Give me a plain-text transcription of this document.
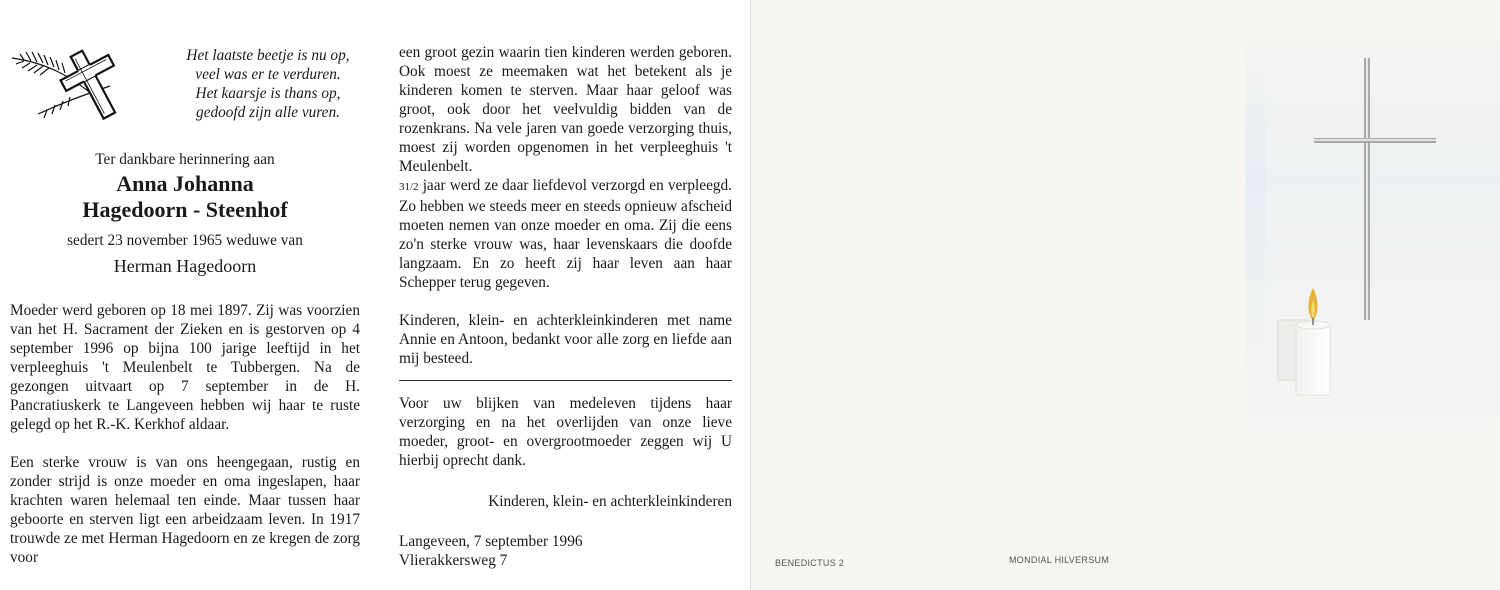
Het laatste beetje is nu op,
veel was er te verduren.
Het kaarsje is thans op,
gedoofd zijn alle vuren.

Ter dankbare herinnering aan

Anna Johanna

Hagedoorn - Steenhof

sedert 23 november 1965 weduwe van

Herman Hagedoorn

Moeder werd geboren op 18 mei 1897. Zij was voorzien van het H. Sacrament der Zieken en is gestorven op 4 september 1996 op bijna 100 jarige leeftijd in het verpleeghuis 't Meulenbelt te Tubbergen. Na de gezongen uitvaart op 7 september in de H. Pancratiuskerk te Langeveen hebben wij haar te ruste gelegd op het R.-K. Kerkhof aldaar.

Een sterke vrouw is van ons heengegaan, rustig en zonder strijd is onze moeder en oma ingeslapen, haar krachten waren helemaal ten einde. Maar tussen haar geboorte en sterven ligt een arbeidzaam leven. In 1917 trouwde ze met Herman Hagedoorn en ze kregen de zorg voor

een groot gezin waarin tien kinderen werden geboren. Ook moest ze meemaken wat het betekent als je kinderen komen te sterven. Maar haar geloof was groot, ook door het veelvuldig bidden van de rozenkrans. Na vele jaren van goede verzorging thuis, moest zij worden opgenomen in het verpleeghuis 't Meulenbelt.

31/2 jaar werd ze daar liefdevol verzorgd en verpleegd. Zo hebben we steeds meer en steeds opnieuw afscheid moeten nemen van onze moeder en oma. Zij die eens zo'n sterke vrouw was, haar levenskaars die doofde langzaam. En zo heeft zij haar leven aan haar Schepper terug gegeven.

Kinderen, klein- en achterkleinkinderen met name Annie en Antoon, bedankt voor alle zorg en liefde aan mij besteed.

Voor uw blijken van medeleven tijdens haar verzorging en na het overlijden van onze lieve moeder, groot- en overgrootmoeder zeggen wij U hierbij oprecht dank.

Kinderen, klein- en achterkleinkinderen

Langeveen, 7 september 1996

Vlierakkersweg 7	BENEDICTUS 2	MONDIAL HILVERSUM
